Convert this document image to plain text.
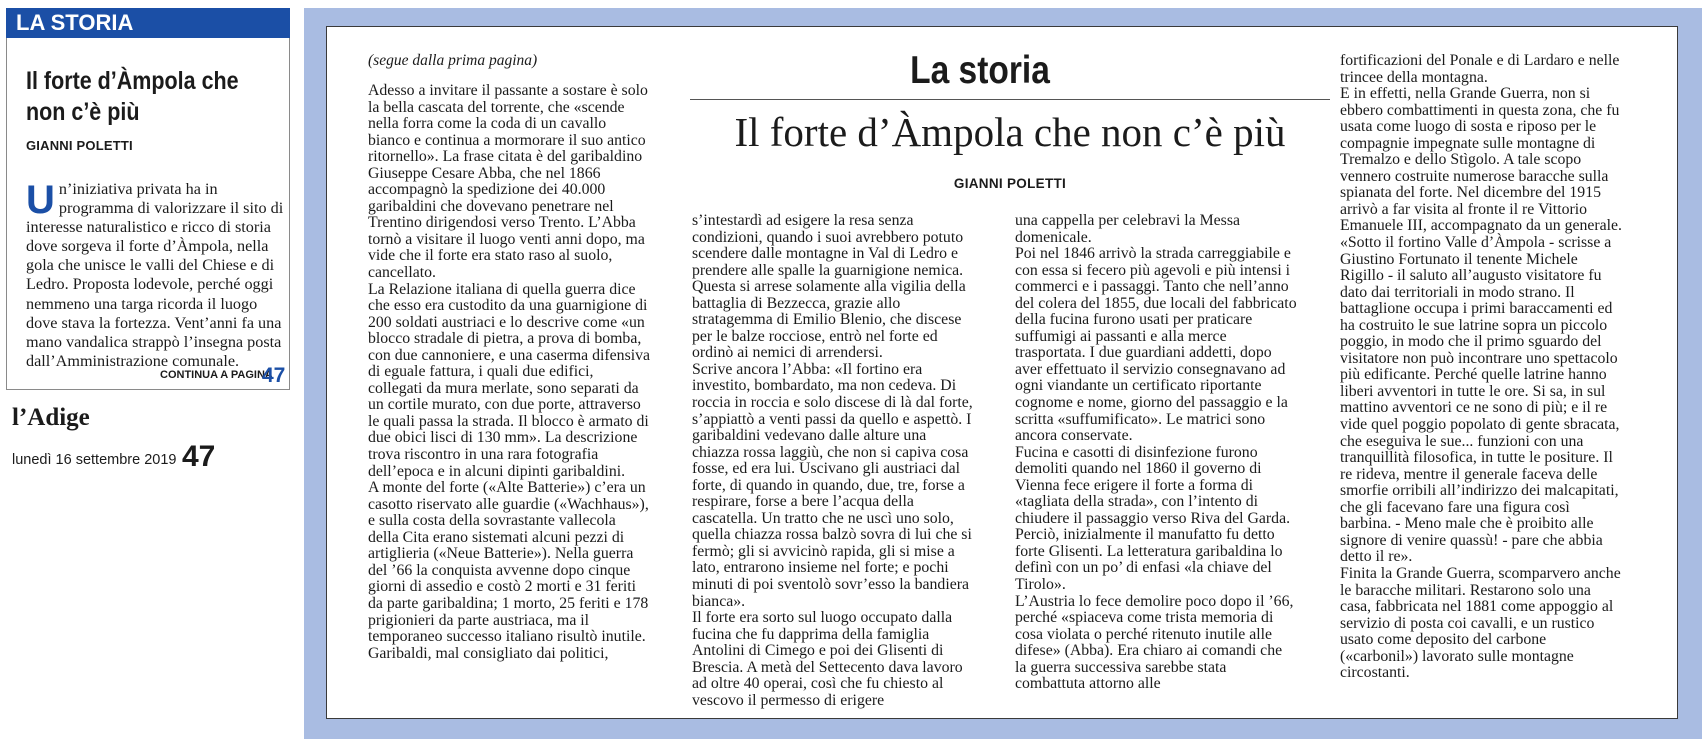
LA STORIA
Il forte d’Àmpola che non c’è più
GIANNI POLETTI
Un’iniziativa privata ha in programma di valorizzare il sito di interesse naturalistico e ricco di storia dove sorgeva il forte d’Àmpola, nella gola che unisce le valli del Chiese e di Ledro. Proposta lodevole, perché oggi nemmeno una targa ricorda il luogo dove stava la fortezza. Vent’anni fa una mano vandalica strappò l’insegna posta dall’Amministrazione comunale.
CONTINUA A PAGINA
47
l’Adige
lunedì 16 settembre 2019 47
(segue dalla prima pagina)	La storia
Il forte d’Àmpola che non c’è più
GIANNI POLETTI

Adesso a invitare il passante a sostare è solo la bella cascata del torrente, che «scende nella forra come la coda di un cavallo bianco e continua a mormorare il suo antico ritornello». La frase citata è del garibaldino Giuseppe Cesare Abba, che nel 1866 accompagnò la spedizione dei 40.000 garibaldini che dovevano penetrare nel Trentino dirigendosi verso Trento. L’Abba tornò a visitare il luogo venti anni dopo, ma vide che il forte era stato raso al suolo, cancellato.

La Relazione italiana di quella guerra dice che esso era custodito da una guarnigione di 200 soldati austriaci e lo descrive come «un blocco stradale di pietra, a prova di bomba, con due cannoniere, e una caserma difensiva di eguale fattura, i quali due edifici, collegati da mura merlate, sono separati da un cortile murato, con due porte, attraverso le quali passa la strada. Il blocco è armato di due obici lisci di 130 mm». La descrizione trova riscontro in una rara fotografia dell’epoca e in alcuni dipinti garibaldini.

A monte del forte («Alte Batterie») c’era un casotto riservato alle guardie («Wachhaus»), e sulla costa della sovrastante vallecola della Cita erano sistemati alcuni pezzi di artiglieria («Neue Batterie»). Nella guerra del ’66 la conquista avvenne dopo cinque giorni di assedio e costò 2 morti e 31 feriti da parte garibaldina; 1 morto, 25 feriti e 178 prigionieri da parte austriaca, ma il temporaneo successo italiano risultò inutile.

Garibaldi, mal consigliato dai politici,

s’intestardì ad esigere la resa senza condizioni, quando i suoi avrebbero potuto scendere dalle montagne in Val di Ledro e prendere alle spalle la guarnigione nemica. Questa si arrese solamente alla vigilia della battaglia di Bezzecca, grazie allo stratagemma di Emilio Blenio, che discese per le balze rocciose, entrò nel forte ed ordinò ai nemici di arrendersi.

Scrive ancora l’Abba: «Il fortino era investito, bombardato, ma non cedeva. Di roccia in roccia e solo discese di là dal forte, s’appiattò a venti passi da quello e aspettò. I garibaldini vedevano dalle alture una chiazza rossa laggiù, che non si capiva cosa fosse, ed era lui. Uscivano gli austriaci dal forte, di quando in quando, due, tre, forse a respirare, forse a bere l’acqua della cascatella. Un tratto che ne uscì uno solo, quella chiazza rossa balzò sovra di lui che si fermò; gli si avvicinò rapida, gli si mise a lato, entrarono insieme nel forte; e pochi minuti di poi sventolò sovr’esso la bandiera bianca».

Il forte era sorto sul luogo occupato dalla fucina che fu dapprima della famiglia Antolini di Cimego e poi dei Glisenti di Brescia. A metà del Settecento dava lavoro ad oltre 40 operai, così che fu chiesto al vescovo il permesso di erigere

una cappella per celebravi la Messa domenicale.

Poi nel 1846 arrivò la strada carreggiabile e con essa si fecero più agevoli e più intensi i commerci e i passaggi. Tanto che nell’anno del colera del 1855, due locali del fabbricato della fucina furono usati per praticare suffumigi ai passanti e alla merce trasportata. I due guardiani addetti, dopo aver effettuato il servizio consegnavano ad ogni viandante un certificato riportante cognome e nome, giorno del passaggio e la scritta «suffumificato». Le matrici sono ancora conservate.

Fucina e casotti di disinfezione furono demoliti quando nel 1860 il governo di Vienna fece erigere il forte a forma di «tagliata della strada», con l’intento di chiudere il passaggio verso Riva del Garda. Perciò, inizialmente il manufatto fu detto forte Glisenti. La letteratura garibaldina lo definì con un po’ di enfasi «la chiave del Tirolo».

L’Austria lo fece demolire poco dopo il ’66, perché «spiaceva come trista memoria di cosa violata o perché ritenuto inutile alle difese» (Abba). Era chiaro ai comandi che la guerra successiva sarebbe stata combattuta attorno alle

fortificazioni del Ponale e di Lardaro e nelle trincee della montagna.

E in effetti, nella Grande Guerra, non si ebbero combattimenti in questa zona, che fu usata come luogo di sosta e riposo per le compagnie impegnate sulle montagne di Tremalzo e dello Stìgolo. A tale scopo vennero costruite numerose baracche sulla spianata del forte. Nel dicembre del 1915 arrivò a far visita al fronte il re Vittorio Emanuele III, accompagnato da un generale.

«Sotto il fortino Valle d’Àmpola - scrisse a Giustino Fortunato il tenente Michele Rigillo - il saluto all’augusto visitatore fu dato dai territoriali in modo strano. Il battaglione occupa i primi baraccamenti ed ha costruito le sue latrine sopra un piccolo poggio, in modo che il primo sguardo del visitatore non può incontrare uno spettacolo più edificante. Perché quelle latrine hanno liberi avventori in tutte le ore. Si sa, in sul mattino avventori ce ne sono di più; e il re vide quel poggio popolato di gente sbracata, che eseguiva le sue... funzioni con una tranquillità filosofica, in tutte le positure. Il re rideva, mentre il generale faceva delle smorfie orribili all’indirizzo dei malcapitati, che gli facevano fare una figura così barbina. - Meno male che è proibito alle signore di venire quassù! - pare che abbia detto il re».

Finita la Grande Guerra, scomparvero anche le baracche militari. Restarono solo una casa, fabbricata nel 1881 come appoggio al servizio di posta coi cavalli, e un rustico usato come deposito del carbone («carbonil») lavorato sulle montagne circostanti.
